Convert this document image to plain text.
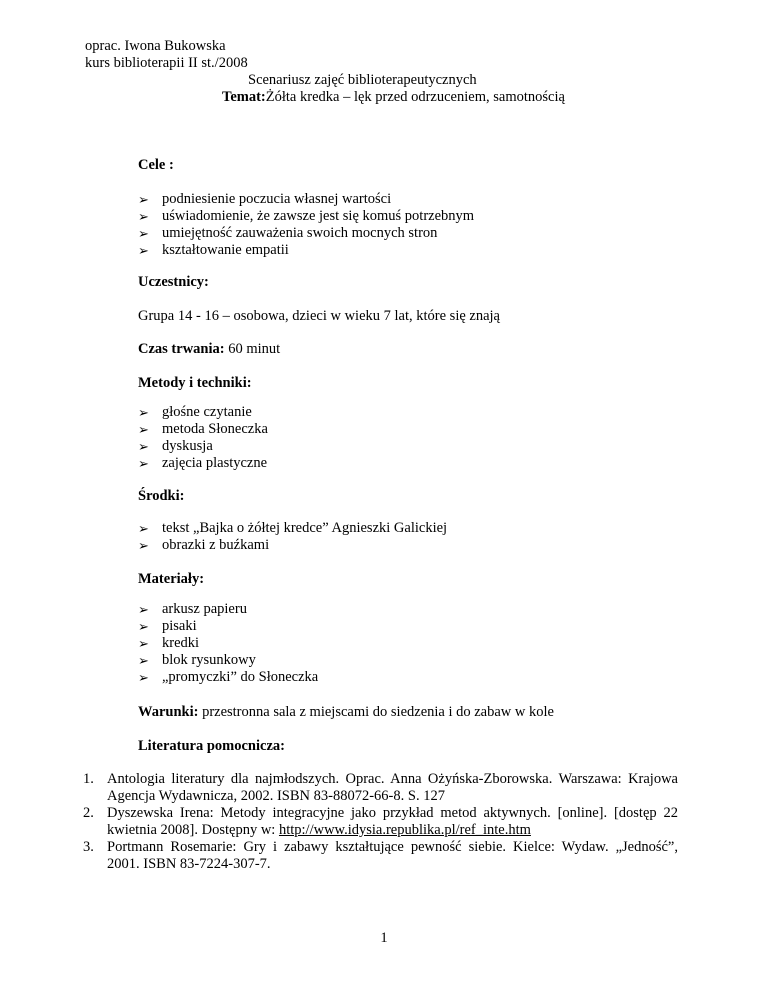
oprac. Iwona Bukowska
kurs biblioterapii II st./2008
Scenariusz zajęć biblioterapeutycznych
Temat:Żółta kredka – lęk przed odrzuceniem, samotnością
Cele :
➢ podniesienie poczucia własnej wartości
➢ uświadomienie, że zawsze jest się komuś potrzebnym
➢ umiejętność zauważenia swoich mocnych stron
➢ kształtowanie empatii
Uczestnicy:
Grupa 14 - 16 – osobowa, dzieci w wieku 7 lat, które się znają
Czas trwania: 60 minut
Metody i techniki:
➢ głośne czytanie
➢ metoda Słoneczka
➢ dyskusja
➢ zajęcia plastyczne
Środki:
➢ tekst „Bajka o żółtej kredce” Agnieszki Galickiej
➢ obrazki z buźkami
Materiały:
➢ arkusz papieru
➢ pisaki
➢ kredki
➢ blok rysunkowy
➢ „promyczki” do Słoneczka
Warunki: przestronna sala z miejscami do siedzenia i do zabaw w kole
Literatura pomocnicza:
1. Antologia literatury dla najmłodszych. Oprac. Anna Ożyńska-Zborowska. Warszawa: Krajowa Agencja Wydawnicza, 2002. ISBN 83-88072-66-8. S. 127
2. Dyszewska Irena: Metody integracyjne jako przykład metod aktywnych. [online]. [dostęp 22 kwietnia 2008]. Dostępny w: http://www.idysia.republika.pl/ref_inte.htm
3. Portmann Rosemarie: Gry i zabawy kształtujące pewność siebie. Kielce: Wydaw. „Jedność”, 2001. ISBN 83-7224-307-7.
1
